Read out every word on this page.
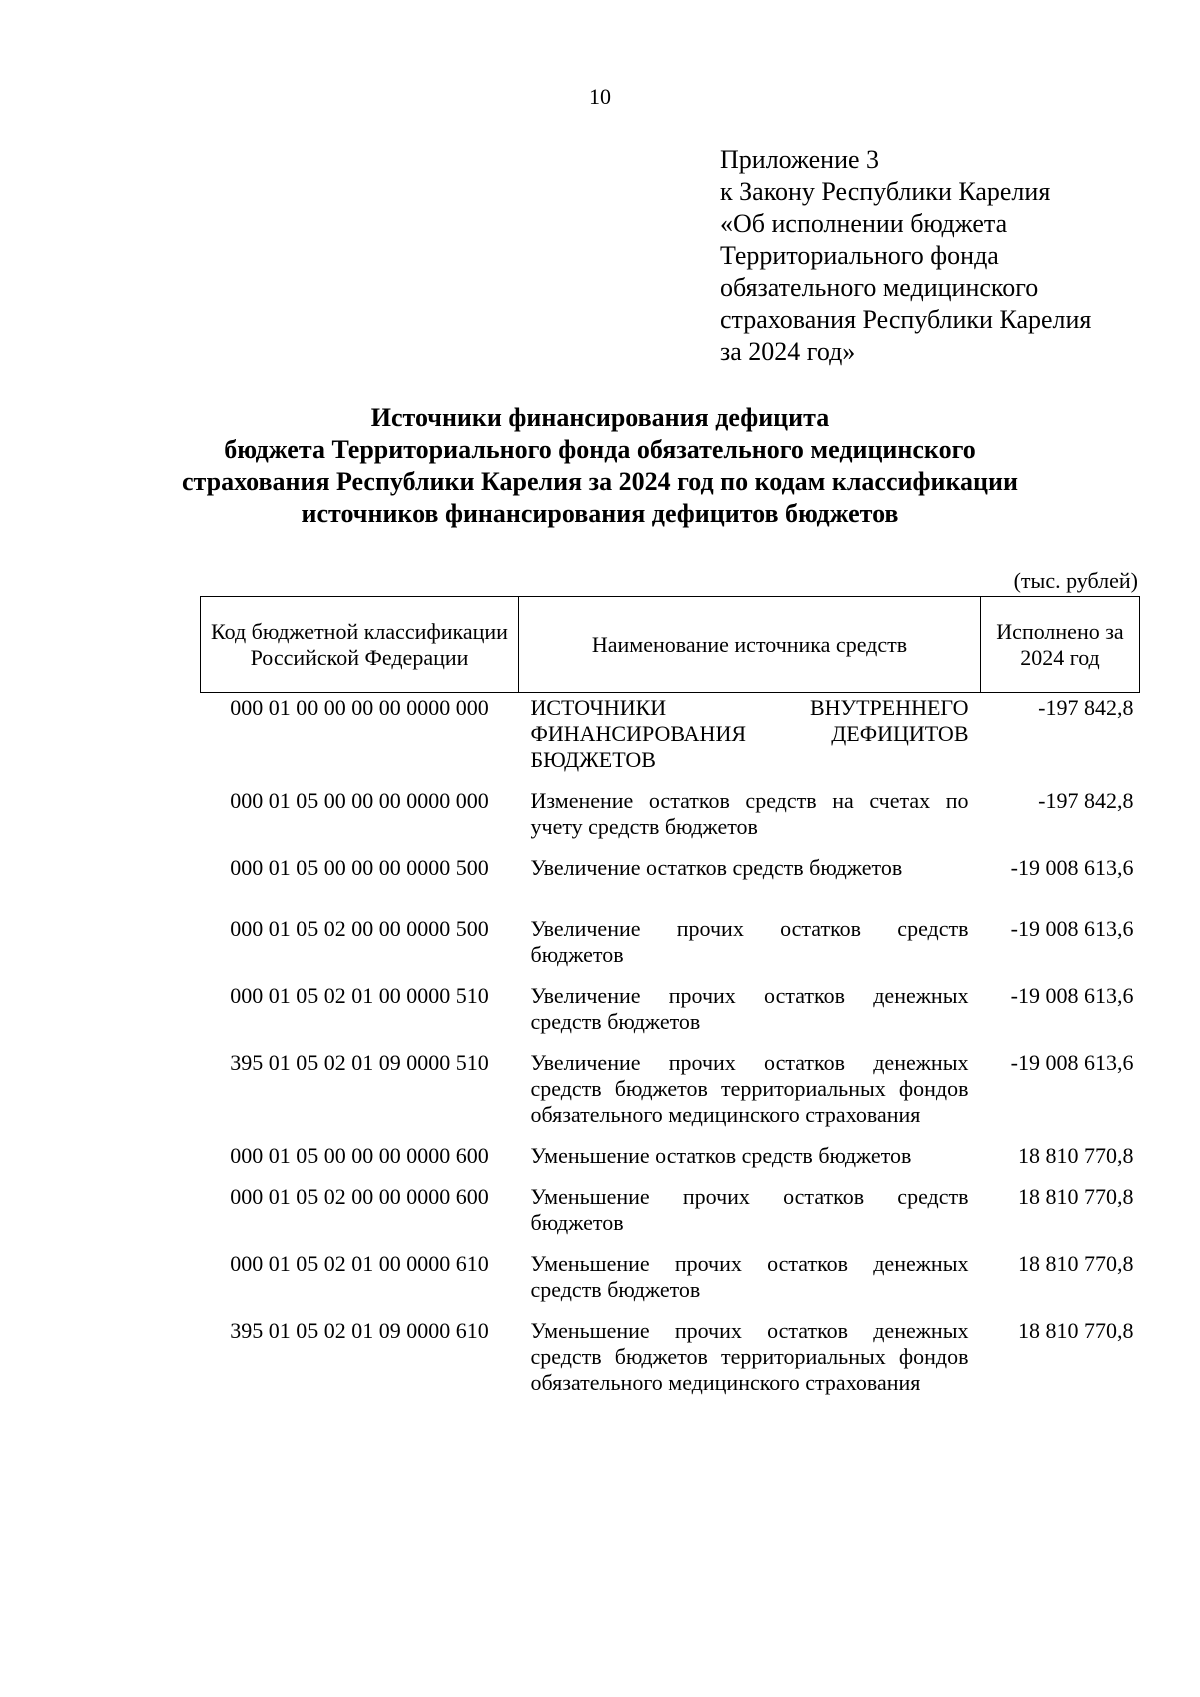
10
Приложение 3
к Закону Республики Карелия
«Об исполнении бюджета
Территориального фонда
обязательного медицинского
страхования Республики Карелия
за 2024 год»
Источники финансирования дефицита
бюджета Территориального фонда обязательного медицинского
страхования Республики Карелия за 2024 год по кодам классификации
источников финансирования дефицитов бюджетов
(тыс. рублей)
Код бюджетной классификации Российской Федерации	Наименование источника средств	Исполнено за 2024 год
000 01 00 00 00 00 0000 000	ИСТОЧНИКИ ВНУТРЕННЕГО ФИНАНСИРОВАНИЯ ДЕФИЦИТОВ БЮДЖЕТОВ	-197 842,8
000 01 05 00 00 00 0000 000	Изменение остатков средств на счетах по учету средств бюджетов	-197 842,8
000 01 05 00 00 00 0000 500	Увеличение остатков средств бюджетов	-19 008 613,6
000 01 05 02 00 00 0000 500	Увеличение прочих остатков средств бюджетов	-19 008 613,6
000 01 05 02 01 00 0000 510	Увеличение прочих остатков денежных средств бюджетов	-19 008 613,6
395 01 05 02 01 09 0000 510	Увеличение прочих остатков денежных средств бюджетов территориальных фондов обязательного медицинского страхования	-19 008 613,6
000 01 05 00 00 00 0000 600	Уменьшение остатков средств бюджетов	18 810 770,8
000 01 05 02 00 00 0000 600	Уменьшение прочих остатков средств бюджетов	18 810 770,8
000 01 05 02 01 00 0000 610	Уменьшение прочих остатков денежных средств бюджетов	18 810 770,8
395 01 05 02 01 09 0000 610	Уменьшение прочих остатков денежных средств бюджетов территориальных фондов обязательного медицинского страхования	18 810 770,8
